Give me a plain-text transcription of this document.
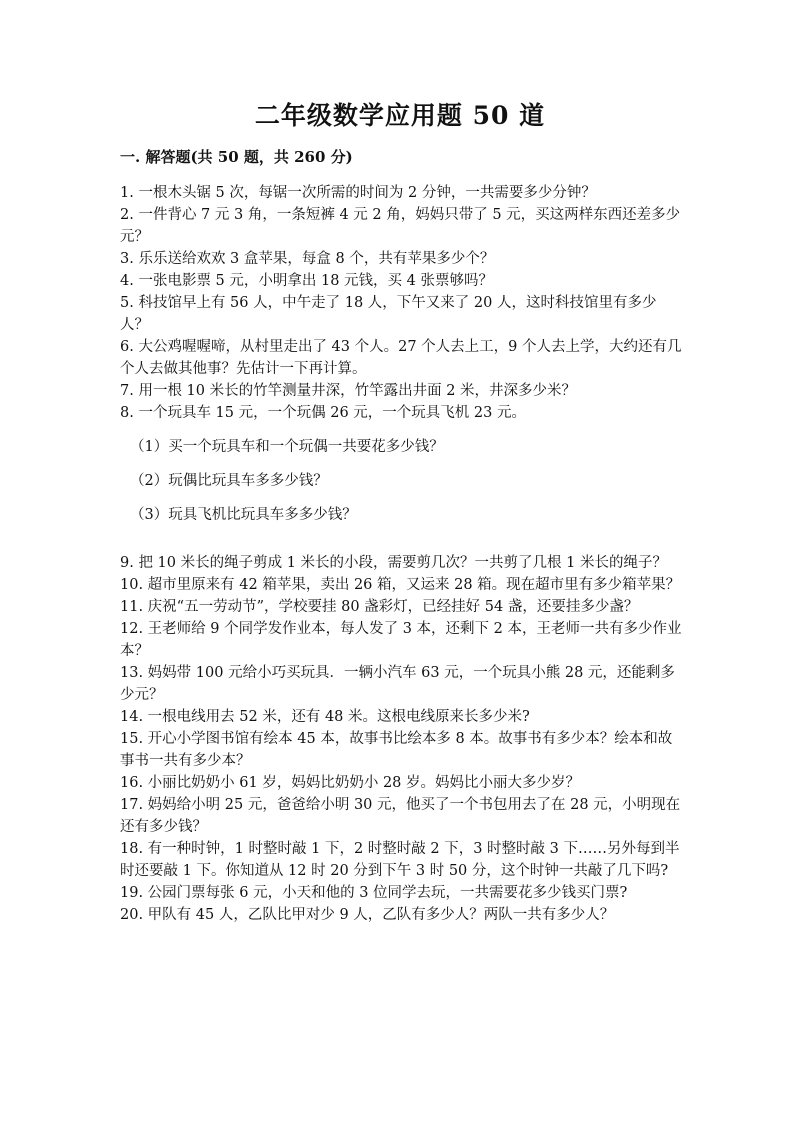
二年级数学应用题 50 道
一. 解答题(共 50 题，共 260 分)

1. 一根木头锯 5 次，每锯一次所需的时间为 2 分钟，一共需要多少分钟？

2. 一件背心 7 元 3 角，一条短裤 4 元 2 角，妈妈只带了 5 元，买这两样东西还差多少元？

3. 乐乐送给欢欢 3 盒苹果，每盒 8 个，共有苹果多少个？

4. 一张电影票 5 元，小明拿出 18 元钱，买 4 张票够吗？

5. 科技馆早上有 56 人，中午走了 18 人，下午又来了 20 人，这时科技馆里有多少人？

6. 大公鸡喔喔啼，从村里走出了 43 个人。27 个人去上工，9 个人去上学，大约还有几个人去做其他事？先估计一下再计算。

7. 用一根 10 米长的竹竿测量井深，竹竿露出井面 2 米，井深多少米？

8. 一个玩具车 15 元，一个玩偶 26 元，一个玩具飞机 23 元。

（1）买一个玩具车和一个玩偶一共要花多少钱？

（2）玩偶比玩具车多多少钱？

（3）玩具飞机比玩具车多多少钱？

9. 把 10 米长的绳子剪成 1 米长的小段，需要剪几次？一共剪了几根 1 米长的绳子？

10. 超市里原来有 42 箱苹果，卖出 26 箱，又运来 28 箱。现在超市里有多少箱苹果？

11. 庆祝“五一劳动节”，学校要挂 80 盏彩灯，已经挂好 54 盏，还要挂多少盏？

12. 王老师给 9 个同学发作业本，每人发了 3 本，还剩下 2 本，王老师一共有多少作业本？

13. 妈妈带 100 元给小巧买玩具．一辆小汽车 63 元，一个玩具小熊 28 元，还能剩多少元？

14. 一根电线用去 52 米，还有 48 米。这根电线原来长多少米?

15. 开心小学图书馆有绘本 45 本，故事书比绘本多 8 本。故事书有多少本？绘本和故事书一共有多少本？

16. 小丽比奶奶小 61 岁，妈妈比奶奶小 28 岁。妈妈比小丽大多少岁？

17. 妈妈给小明 25 元，爸爸给小明 30 元，他买了一个书包用去了在 28 元，小明现在还有多少钱？

18. 有一种时钟，1 时整时敲 1 下，2 时整时敲 2 下，3 时整时敲 3 下……另外每到半时还要敲 1 下。你知道从 12 时 20 分到下午 3 时 50 分，这个时钟一共敲了几下吗?

19. 公园门票每张 6 元，小天和他的 3 位同学去玩，一共需要花多少钱买门票?

20. 甲队有 45 人，乙队比甲对少 9 人，乙队有多少人？两队一共有多少人？
